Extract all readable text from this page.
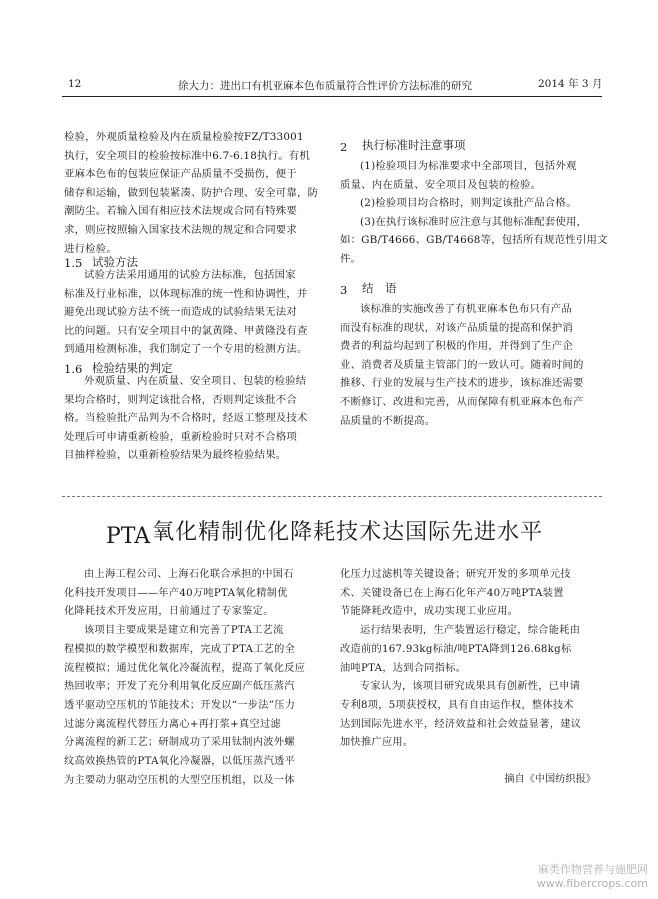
12	徐大力：进出口有机亚麻本色布质量符合性评价方法标准的研究	2014 年 3 月
检验，外观质量检验及内在质量检验按FZ/T33001
执行，安全项目的检验按标准中6.7-6.18执行。有机
亚麻本色布的包装应保证产品质量不受损伤，便于
储存和运输，做到包装紧凑、防护合理、安全可靠，防
潮防尘。若输入国有相应技术法规或合同有特殊要
求，则应按照输入国家技术法规的规定和合同要求
进行检验。
1.5 试验方法
试验方法采用通用的试验方法标准，包括国家
标准及行业标准，以体现标准的统一性和协调性，并
避免出现试验方法不统一而造成的试验结果无法对
比的问题。只有安全项目中的氯黄隆、甲黄隆没有查
到通用检测标准，我们制定了一个专用的检测方法。
1.6 检验结果的判定
外观质量、内在质量、安全项目、包装的检验结
果均合格时，则判定该批合格，否则判定该批不合
格。当检验批产品判为不合格时，经返工整理及技术
处理后可申请重新检验，重新检验时只对不合格项
目抽样检验，以重新检验结果为最终检验结果。
2 执行标准时注意事项
(1)检验项目为标准要求中全部项目，包括外观
质量、内在质量、安全项目及包装的检验。
(2)检验项目均合格时，则判定该批产品合格。
(3)在执行该标准时应注意与其他标准配套使用，
如：GB/T4666、GB/T4668等，包括所有规范性引用文
件。
3 结　语
该标准的实施改善了有机亚麻本色布只有产品
而没有标准的现状，对该产品质量的提高和保护消
费者的利益均起到了积极的作用，并得到了生产企
业、消费者及质量主管部门的一致认可。随着时间的
推移、行业的发展与生产技术的进步，该标准还需要
不断修订、改进和完善，从而保障有机亚麻本色布产
品质量的不断提高。
PTA氧化精制优化降耗技术达国际先进水平
由上海工程公司、上海石化联合承担的中国石
化科技开发项目——年产40万吨PTA氧化精制优
化降耗技术开发应用，日前通过了专家鉴定。
该项目主要成果是建立和完善了PTA工艺流
程模拟的数学模型和数据库，完成了PTA工艺的全
流程模拟；通过优化氧化冷凝流程，提高了氧化反应
热回收率；开发了充分利用氧化反应副产低压蒸汽
透平驱动空压机的节能技术；开发以“一步法”压力
过滤分离流程代替压力离心+再打浆+真空过滤
分离流程的新工艺；研制成功了采用钛制内波外螺
纹高效换热管的PTA氧化冷凝器，以低压蒸汽透平
为主要动力驱动空压机的大型空压机组，以及一体
化压力过滤机等关键设备；研究开发的多项单元技
术、关键设备已在上海石化年产40万吨PTA装置
节能降耗改造中，成功实现工业应用。
运行结果表明，生产装置运行稳定，综合能耗由
改造前的167.93kg标油/吨PTA降到126.68kg标
油吨PTA，达到合同指标。
专家认为，该项目研究成果具有创新性，已申请
专利8项，5项获授权，具有自由运作权，整体技术
达到国际先进水平，经济效益和社会效益显著，建议
加快推广应用。
摘自《中国纺织报》
麻类作物营养与施肥网
www.fibercrops.com
